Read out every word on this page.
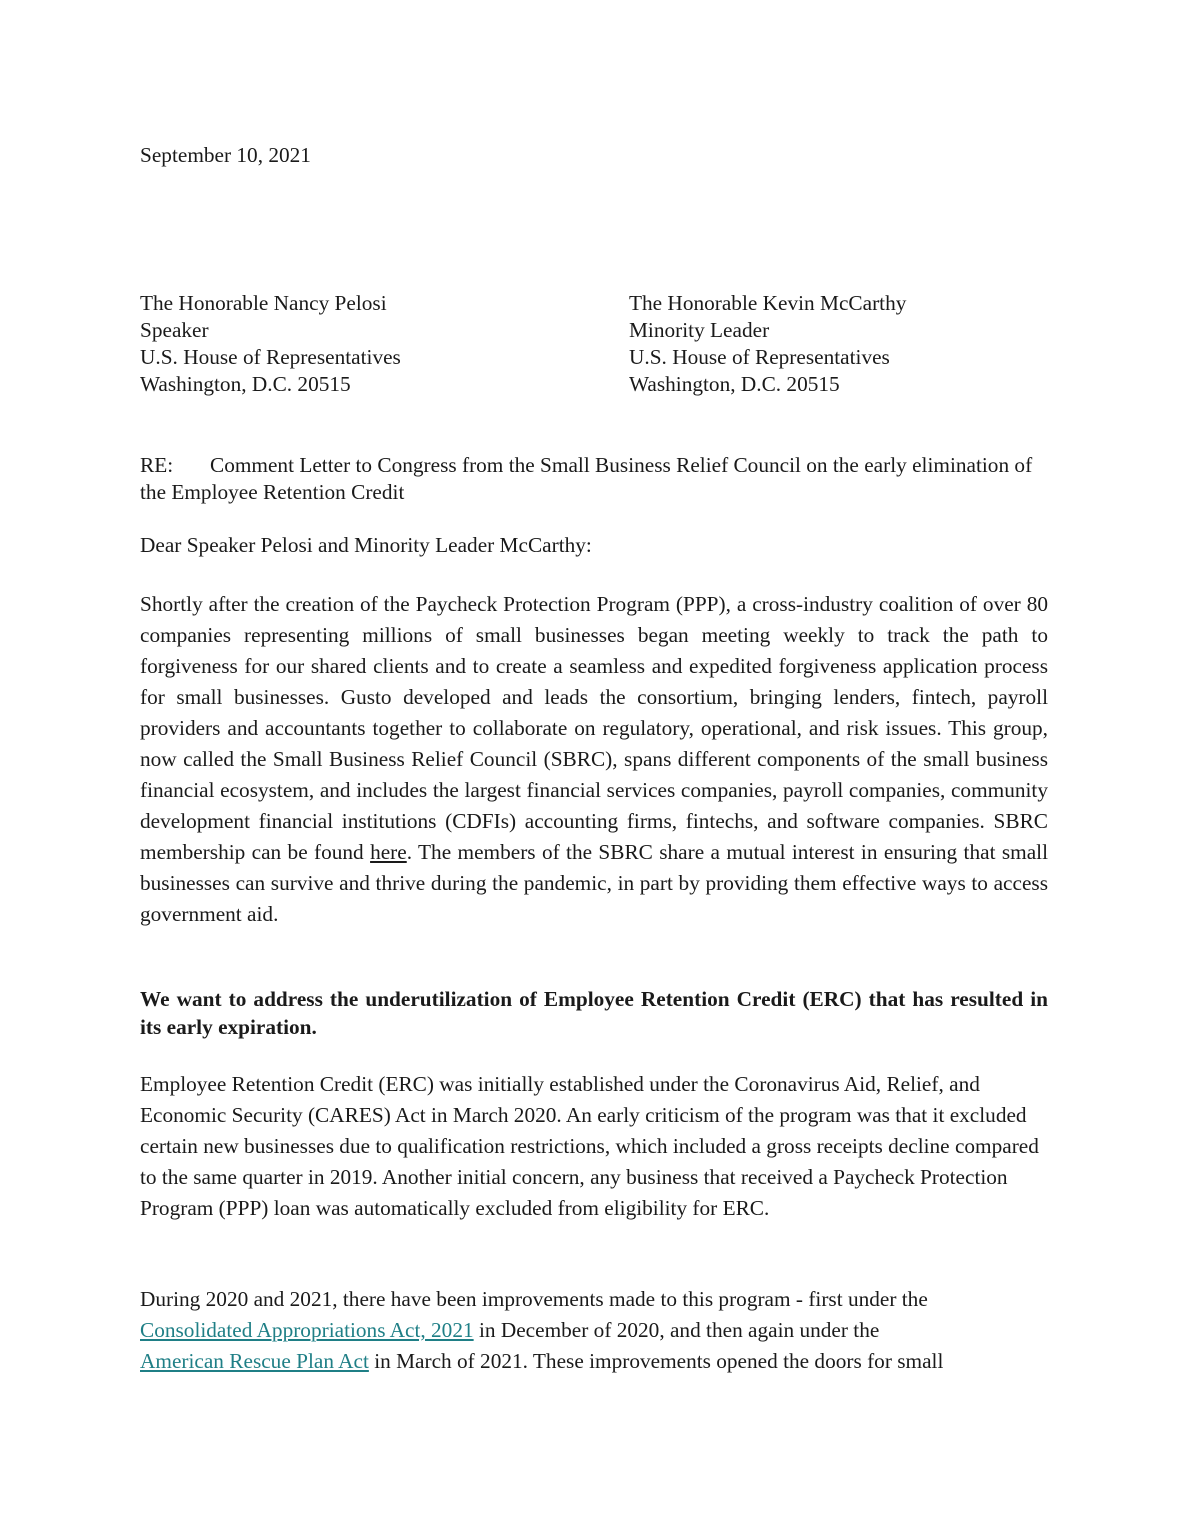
September 10, 2021
The Honorable Nancy Pelosi
Speaker
U.S. House of Representatives
Washington, D.C. 20515
The Honorable Kevin McCarthy
Minority Leader
U.S. House of Representatives
Washington, D.C. 20515
RE: Comment Letter to Congress from the Small Business Relief Council on the early elimination of the Employee Retention Credit
Dear Speaker Pelosi and Minority Leader McCarthy:

Shortly after the creation of the Paycheck Protection Program (PPP), a cross-industry coalition of over 80 companies representing millions of small businesses began meeting weekly to track the path to forgiveness for our shared clients and to create a seamless and expedited forgiveness application process for small businesses. Gusto developed and leads the consortium, bringing lenders, fintech, payroll providers and accountants together to collaborate on regulatory, operational, and risk issues. This group, now called the Small Business Relief Council (SBRC), spans different components of the small business financial ecosystem, and includes the largest financial services companies, payroll companies, community development financial institutions (CDFIs) accounting firms, fintechs, and software companies. SBRC membership can be found here. The members of the SBRC share a mutual interest in ensuring that small businesses can survive and thrive during the pandemic, in part by providing them effective ways to access government aid.

We want to address the underutilization of Employee Retention Credit (ERC) that has resulted in its early expiration.

Employee Retention Credit (ERC) was initially established under the Coronavirus Aid, Relief, and Economic Security (CARES) Act in March 2020. An early criticism of the program was that it excluded certain new businesses due to qualification restrictions, which included a gross receipts decline compared to the same quarter in 2019. Another initial concern, any business that received a Paycheck Protection Program (PPP) loan was automatically excluded from eligibility for ERC.

During 2020 and 2021, there have been improvements made to this program - first under the
Consolidated Appropriations Act, 2021 in December of 2020, and then again under the
American Rescue Plan Act in March of 2021. These improvements opened the doors for small
